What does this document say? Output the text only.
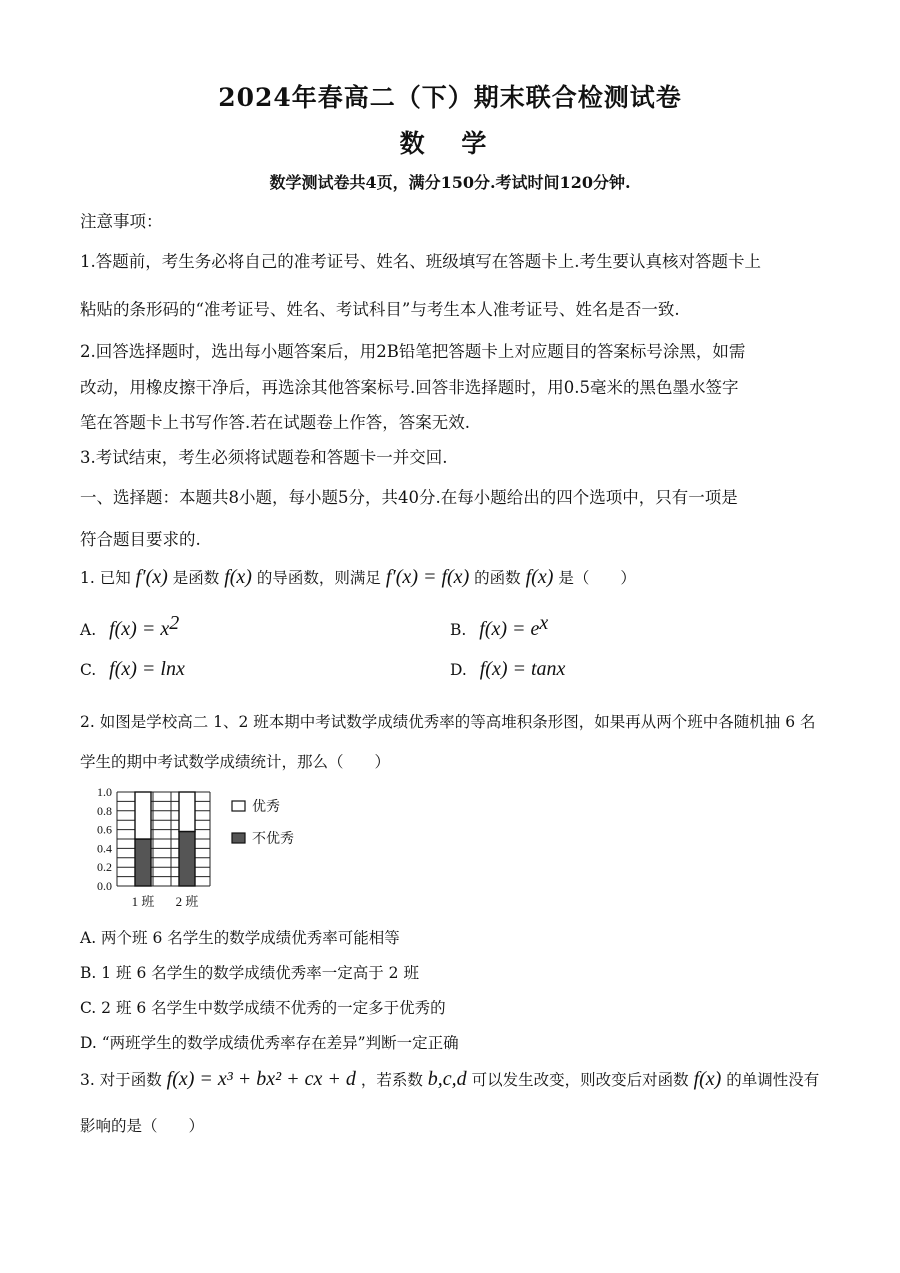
2024年春高二（下）期末联合检测试卷
数 学
数学测试卷共4页，满分150分.考试时间120分钟.
注意事项：
1.答题前，考生务必将自己的准考证号、姓名、班级填写在答题卡上.考生要认真核对答题卡上
粘贴的条形码的“准考证号、姓名、考试科目”与考生本人准考证号、姓名是否一致.
2.回答选择题时，选出每小题答案后，用2B铅笔把答题卡上对应题目的答案标号涂黑，如需
改动，用橡皮擦干净后，再选涂其他答案标号.回答非选择题时，用0.5毫米的黑色墨水签字
笔在答题卡上书写作答.若在试题卷上作答，答案无效.
3.考试结束，考生必须将试题卷和答题卡一并交回.
一、选择题：本题共8小题，每小题5分，共40分.在每小题给出的四个选项中，只有一项是
符合题目要求的.
1. 已知 f′(x) 是函数 f(x) 的导函数，则满足 f′(x) = f(x) 的函数 f(x) 是（　　）
A. $f(x) = x^2$	B. $f(x) = e^x$
C. f(x) = lnx	D. f(x) = tanx
2. 如图是学校高二 1、2 班本期中考试数学成绩优秀率的等高堆积条形图，如果再从两个班中各随机抽 6 名
学生的期中考试数学成绩统计，那么（　　）
0.0
0.2
0.4
0.6
0.8
1.0
1 班 2 班
优秀
不优秀
A. 两个班 6 名学生的数学成绩优秀率可能相等
B. 1 班 6 名学生的数学成绩优秀率一定高于 2 班
C. 2 班 6 名学生中数学成绩不优秀的一定多于优秀的
D. “两班学生的数学成绩优秀率存在差异”判断一定正确
3. 对于函数 f(x) = x³ + bx² + cx + d ，若系数 b,c,d 可以发生改变，则改变后对函数 f(x) 的单调性没有
影响的是（　　）
